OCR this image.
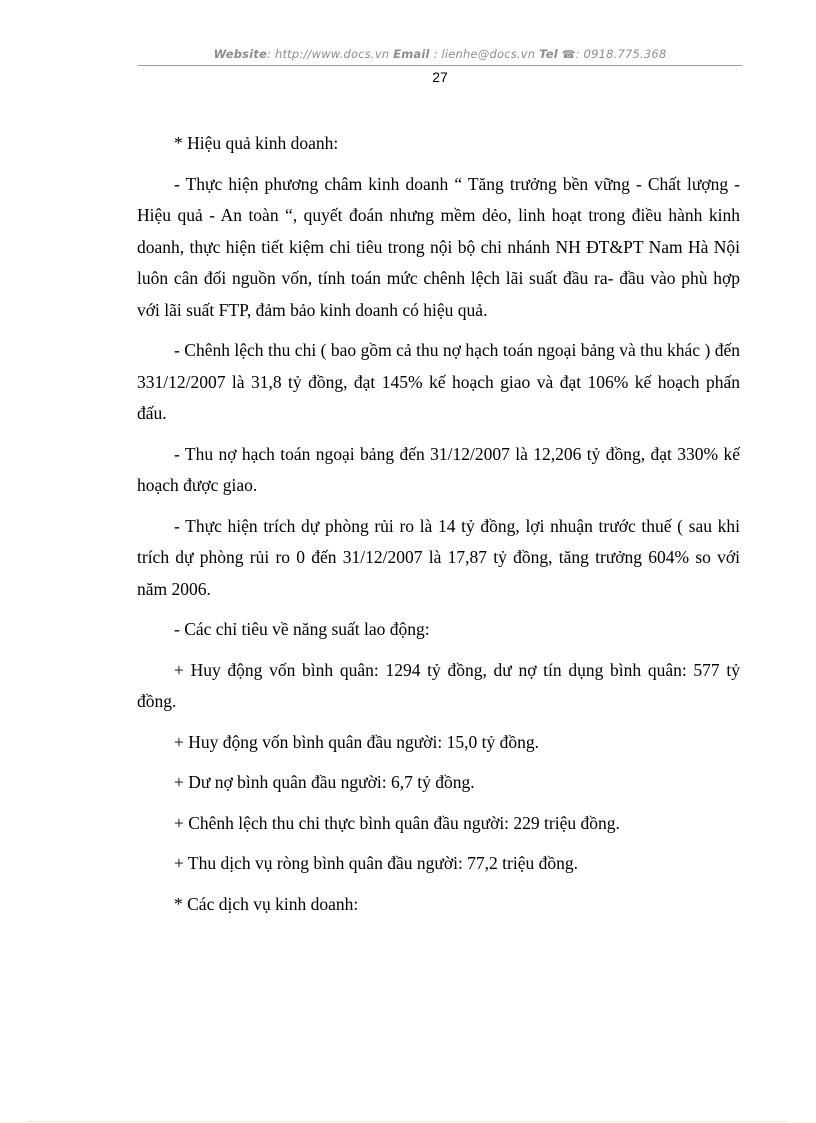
Website: http://www.docs.vn Email : lienhe@docs.vn Tel ☎: 0918.775.368
27

* Hiệu quả kinh doanh:

- Thực hiện phương châm kinh doanh “ Tăng trưởng bền vững - Chất lượng - Hiệu quả - An toàn “, quyết đoán nhưng mềm dẻo, linh hoạt trong điều hành kinh doanh, thực hiện tiết kiệm chi tiêu trong nội bộ chi nhánh NH ĐT&PT Nam Hà Nội luôn cân đối nguồn vốn, tính toán mức chênh lệch lãi suất đầu ra- đầu vào phù hợp với lãi suất FTP, đảm bảo kinh doanh có hiệu quả.

- Chênh lệch thu chi ( bao gồm cả thu nợ hạch toán ngoại bảng và thu khác ) đến 331/12/2007 là 31,8 tỷ đồng, đạt 145% kế hoạch giao và đạt 106% kế hoạch phấn đấu.

- Thu nợ hạch toán ngoại bảng đến 31/12/2007 là 12,206 tỷ đồng, đạt 330% kế hoạch được giao.

- Thực hiện trích dự phòng rủi ro là 14 tỷ đồng, lợi nhuận trước thuế ( sau khi trích dự phòng rủi ro 0 đến 31/12/2007 là 17,87 tỷ đồng, tăng trưởng 604% so với năm 2006.

- Các chỉ tiêu về năng suất lao động:

+ Huy động vốn bình quân: 1294 tỷ đồng, dư nợ tín dụng bình quân: 577 tỷ đồng.

+ Huy động vốn bình quân đầu người: 15,0 tỷ đồng.

+ Dư nợ bình quân đầu người: 6,7 tỷ đồng.

+ Chênh lệch thu chi thực bình quân đầu người: 229 triệu đồng.

+ Thu dịch vụ ròng bình quân đầu người: 77,2 triệu đồng.

* Các dịch vụ kinh doanh:
